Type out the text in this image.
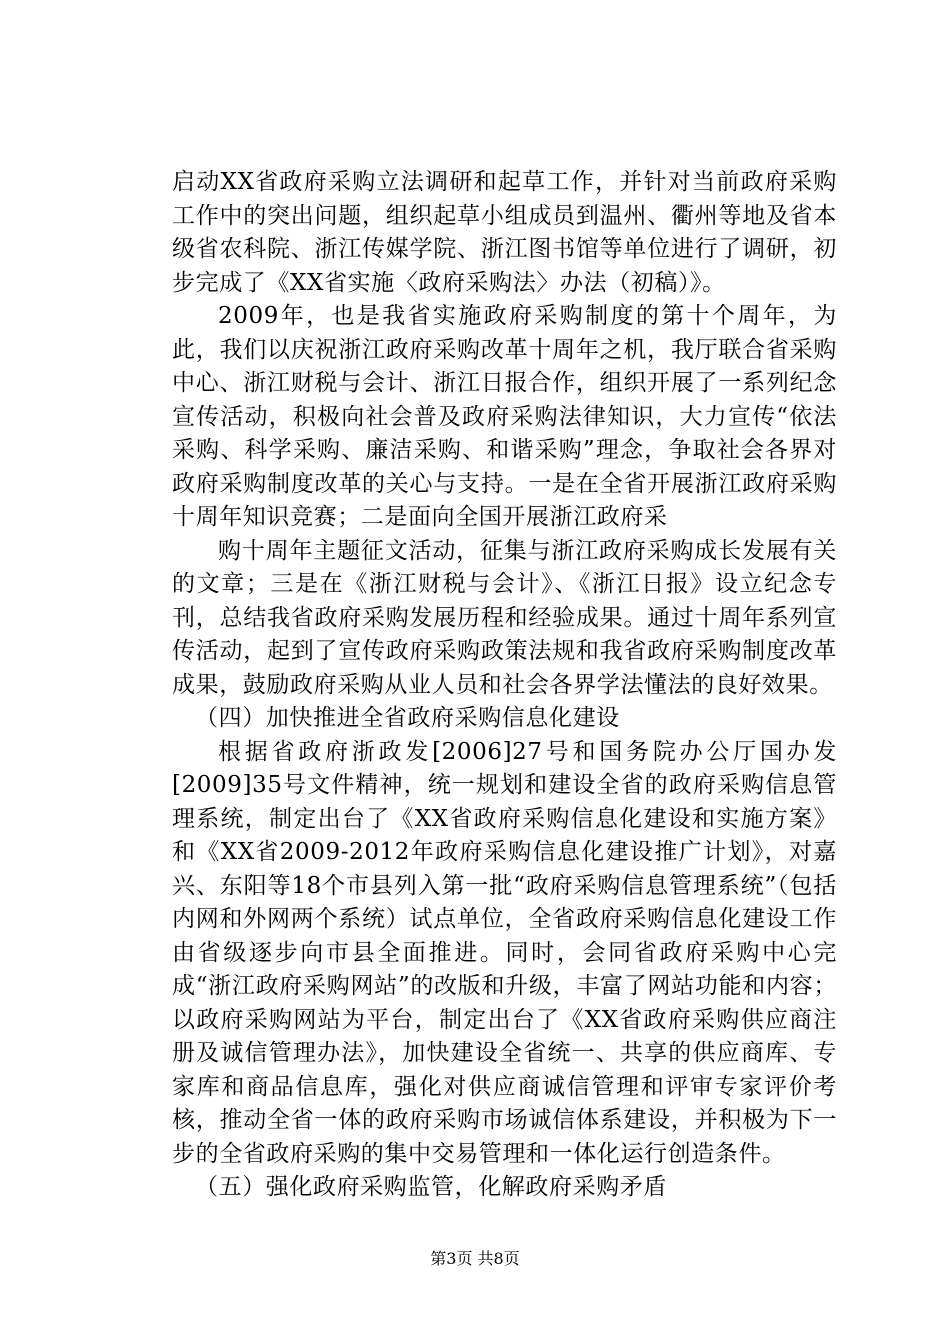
启动XX省政府采购立法调研和起草工作，并针对当前政府采购工作中的突出问题，组织起草小组成员到温州、衢州等地及省本级省农科院、浙江传媒学院、浙江图书馆等单位进行了调研，初步完成了《XX省实施〈政府采购法〉办法（初稿）》。

2009年，也是我省实施政府采购制度的第十个周年，为此，我们以庆祝浙江政府采购改革十周年之机，我厅联合省采购中心、浙江财税与会计、浙江日报合作，组织开展了一系列纪念宣传活动，积极向社会普及政府采购法律知识，大力宣传“依法采购、科学采购、廉洁采购、和谐采购”理念，争取社会各界对政府采购制度改革的关心与支持。一是在全省开展浙江政府采购十周年知识竞赛；二是面向全国开展浙江政府采

购十周年主题征文活动，征集与浙江政府采购成长发展有关的文章；三是在《浙江财税与会计》、《浙江日报》设立纪念专刊，总结我省政府采购发展历程和经验成果。通过十周年系列宣传活动，起到了宣传政府采购政策法规和我省政府采购制度改革成果，鼓励政府采购从业人员和社会各界学法懂法的良好效果。

（四）加快推进全省政府采购信息化建设

根据省政府浙政发[2006]27号和国务院办公厅国办发[2009]35号文件精神，统一规划和建设全省的政府采购信息管理系统，制定出台了《XX省政府采购信息化建设和实施方案》和《XX省2009-2012年政府采购信息化建设推广计划》，对嘉兴、东阳等18个市县列入第一批“政府采购信息管理系统”（包括内网和外网两个系统）试点单位，全省政府采购信息化建设工作由省级逐步向市县全面推进。同时，会同省政府采购中心完成“浙江政府采购网站”的改版和升级，丰富了网站功能和内容；以政府采购网站为平台，制定出台了《XX省政府采购供应商注册及诚信管理办法》，加快建设全省统一、共享的供应商库、专家库和商品信息库，强化对供应商诚信管理和评审专家评价考核，推动全省一体的政府采购市场诚信体系建设，并积极为下一步的全省政府采购的集中交易管理和一体化运行创造条件。

（五）强化政府采购监管，化解政府采购矛盾

第3页 共8页
